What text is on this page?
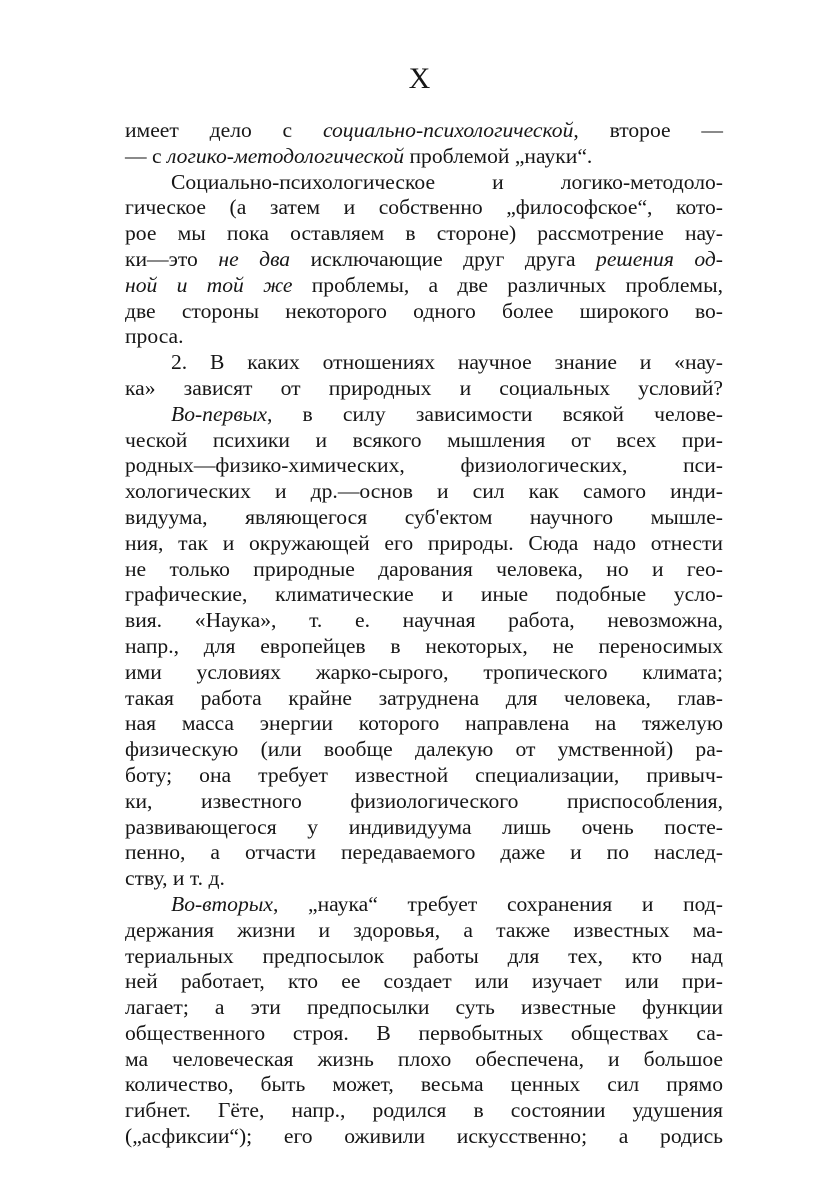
X
имеет дело с социально-психологической, второе —
— с логико-методологической проблемой „науки“.
Социально-психологическое и логико-методоло-
гическое (а затем и собственно „философское“, кото-
рое мы пока оставляем в стороне) рассмотрение нау-
ки—это не два исключающие друг друга решения од-
ной и той же проблемы, а две различных проблемы,
две стороны некоторого одного более широкого во-
проса.
2. В каких отношениях научное знание и «нау-
ка» зависят от природных и социальных условий?
Во-первых, в силу зависимости всякой челове-
ческой психики и всякого мышления от всех при-
родных—физико-химических, физиологических, пси-
хологических и др.—основ и сил как самого инди-
видуума, являющегося суб'ектом научного мышле-
ния, так и окружающей его природы. Сюда надо отнести
не только природные дарования человека, но и гео-
графические, климатические и иные подобные усло-
вия. «Наука», т. е. научная работа, невозможна,
напр., для европейцев в некоторых, не переносимых
ими условиях жарко-сырого, тропического климата;
такая работа крайне затруднена для человека, глав-
ная масса энергии которого направлена на тяжелую
физическую (или вообще далекую от умственной) ра-
боту; она требует известной специализации, привыч-
ки, известного физиологического приспособления,
развивающегося у индивидуума лишь очень посте-
пенно, а отчасти передаваемого даже и по наслед-
ству, и т. д.
Во-вторых, „наука“ требует сохранения и под-
держания жизни и здоровья, а также известных ма-
териальных предпосылок работы для тех, кто над
ней работает, кто ее создает или изучает или при-
лагает; а эти предпосылки суть известные функции
общественного строя. В первобытных обществах са-
ма человеческая жизнь плохо обеспечена, и большое
количество, быть может, весьма ценных сил прямо
гибнет. Гёте, напр., родился в состоянии удушения
(„асфиксии“); его оживили искусственно; а родись
